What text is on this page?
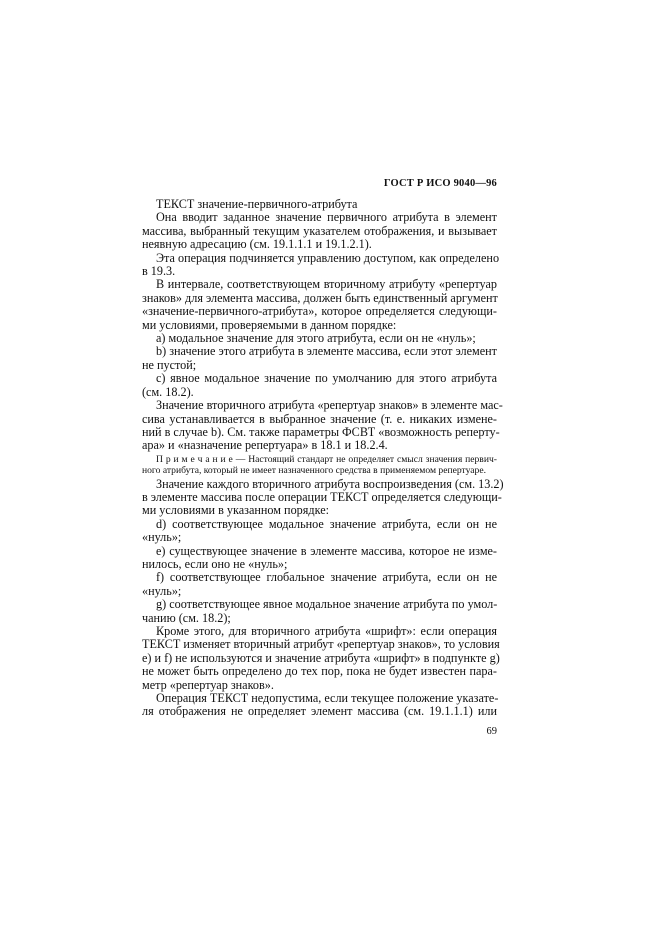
ГОСТ Р ИСО 9040—96
ТЕКСТ значение-первичного-атрибута
Она вводит заданное значение первичного атрибута в элемент
массива, выбранный текущим указателем отображения, и вызывает
неявную адресацию (см. 19.1.1.1 и 19.1.2.1).
Эта операция подчиняется управлению доступом, как определено
в 19.3.
В интервале, соответствующем вторичному атрибуту «репертуар
знаков» для элемента массива, должен быть единственный аргумент
«значение-первичного-атрибута», которое определяется следующи-
ми условиями, проверяемыми в данном порядке:
a) модальное значение для этого атрибута, если он не «нуль»;
b) значение этого атрибута в элементе массива, если этот элемент
не пустой;
c) явное модальное значение по умолчанию для этого атрибута
(см. 18.2).
Значение вторичного атрибута «репертуар знаков» в элементе мас-
сива устанавливается в выбранное значение (т. е. никаких измене-
ний в случае b). См. также параметры ФСВТ «возможность реперту-
ара» и «назначение репертуара» в 18.1 и 18.2.4.
П р и м е ч а н и е — Настоящий стандарт не определяет смысл значения первич-
ного атрибута, который не имеет назначенного средства в применяемом репертуаре.
Значение каждого вторичного атрибута воспроизведения (см. 13.2)
в элементе массива после операции ТЕКСТ определяется следующи-
ми условиями в указанном порядке:
d) соответствующее модальное значение атрибута, если он не
«нуль»;
e) существующее значение в элементе массива, которое не изме-
нилось, если оно не «нуль»;
f) соответствующее глобальное значение атрибута, если он не
«нуль»;
g) соответствующее явное модальное значение атрибута по умол-
чанию (см. 18.2);
Кроме этого, для вторичного атрибута «шрифт»: если операция
ТЕКСТ изменяет вторичный атрибут «репертуар знаков», то условия
e) и f) не используются и значение атрибута «шрифт» в подпункте g)
не может быть определено до тех пор, пока не будет известен пара-
метр «репертуар знаков».
Операция ТЕКСТ недопустима, если текущее положение указате-
ля отображения не определяет элемент массива (см. 19.1.1.1) или
69
